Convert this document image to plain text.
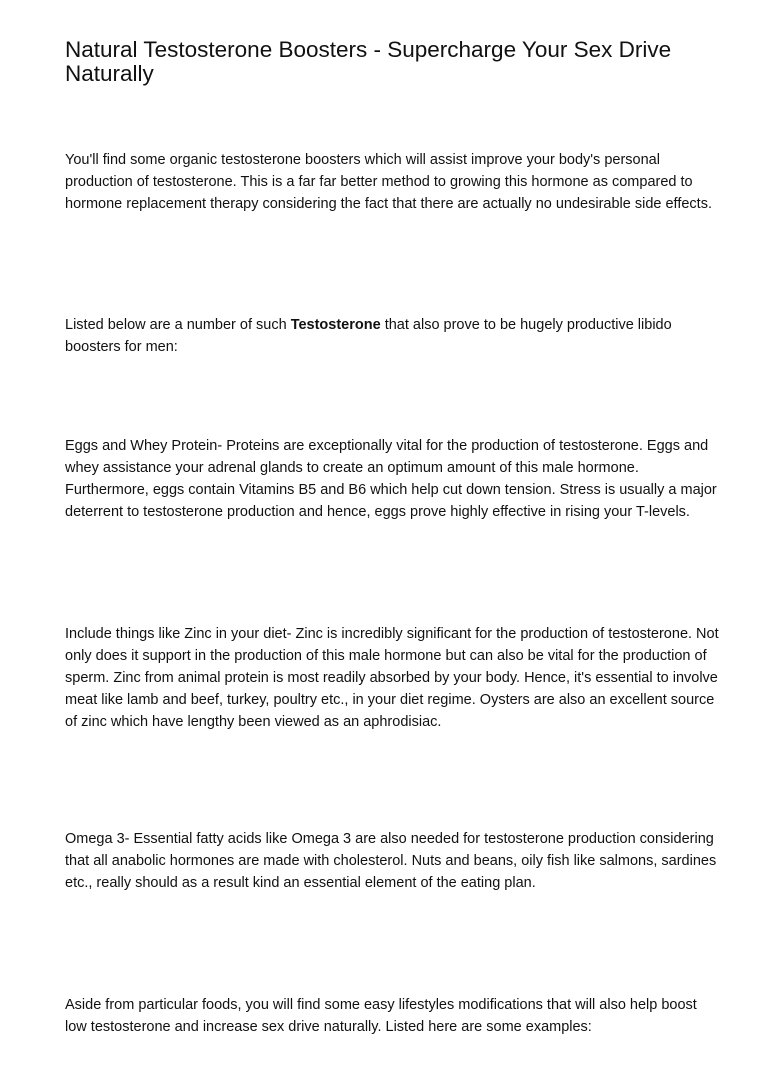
Natural Testosterone Boosters - Supercharge Your Sex Drive Naturally

You'll find some organic testosterone boosters which will assist improve your body's personal production of testosterone. This is a far far better method to growing this hormone as compared to hormone replacement therapy considering the fact that there are actually no undesirable side effects.

Listed below are a number of such Testosterone that also prove to be hugely productive libido boosters for men:

Eggs and Whey Protein- Proteins are exceptionally vital for the production of testosterone. Eggs and whey assistance your adrenal glands to create an optimum amount of this male hormone. Furthermore, eggs contain Vitamins B5 and B6 which help cut down tension. Stress is usually a major deterrent to testosterone production and hence, eggs prove highly effective in rising your T-levels.

Include things like Zinc in your diet- Zinc is incredibly significant for the production of testosterone. Not only does it support in the production of this male hormone but can also be vital for the production of sperm. Zinc from animal protein is most readily absorbed by your body. Hence, it's essential to involve meat like lamb and beef, turkey, poultry etc., in your diet regime. Oysters are also an excellent source of zinc which have lengthy been viewed as an aphrodisiac.

Omega 3- Essential fatty acids like Omega 3 are also needed for testosterone production considering that all anabolic hormones are made with cholesterol. Nuts and beans, oily fish like salmons, sardines etc., really should as a result kind an essential element of the eating plan.

Aside from particular foods, you will find some easy lifestyles modifications that will also help boost low testosterone and increase sex drive naturally. Listed here are some examples:
